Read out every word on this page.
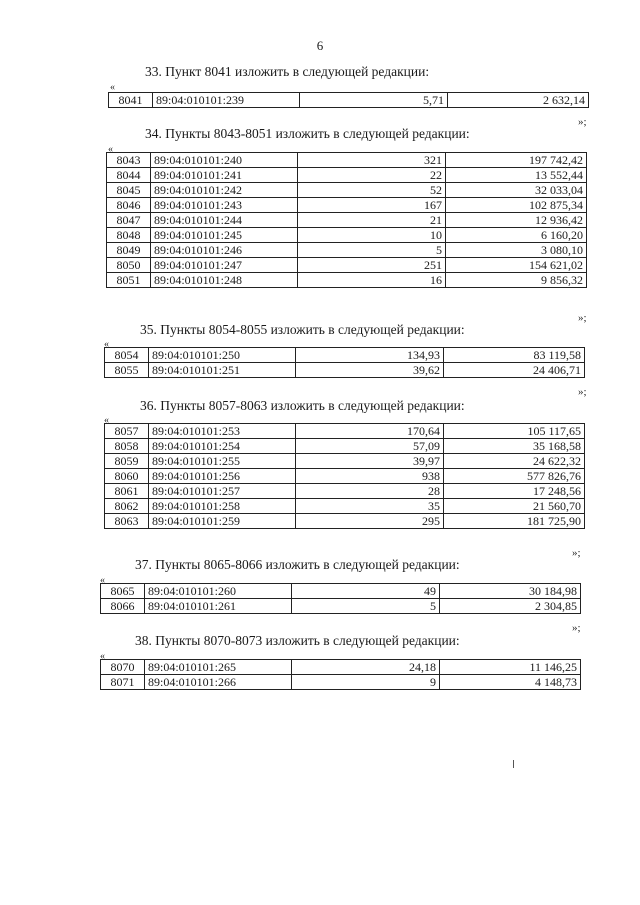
6
33. Пункт 8041 изложить в следующей редакции:
«
8041	89:04:010101:239	5,71	2 632,14
»;
34. Пункты 8043-8051 изложить в следующей редакции:
«
8043	89:04:010101:240	321	197 742,42
8044	89:04:010101:241	22	13 552,44
8045	89:04:010101:242	52	32 033,04
8046	89:04:010101:243	167	102 875,34
8047	89:04:010101:244	21	12 936,42
8048	89:04:010101:245	10	6 160,20
8049	89:04:010101:246	5	3 080,10
8050	89:04:010101:247	251	154 621,02
8051	89:04:010101:248	16	9 856,32
»;
35. Пункты 8054-8055 изложить в следующей редакции:
«
8054	89:04:010101:250	134,93	83 119,58
8055	89:04:010101:251	39,62	24 406,71
»;
36. Пункты 8057-8063 изложить в следующей редакции:
«
8057	89:04:010101:253	170,64	105 117,65
8058	89:04:010101:254	57,09	35 168,58
8059	89:04:010101:255	39,97	24 622,32
8060	89:04:010101:256	938	577 826,76
8061	89:04:010101:257	28	17 248,56
8062	89:04:010101:258	35	21 560,70
8063	89:04:010101:259	295	181 725,90
»;
37. Пункты 8065-8066 изложить в следующей редакции:
«
8065	89:04:010101:260	49	30 184,98
8066	89:04:010101:261	5	2 304,85
»;
38. Пункты 8070-8073 изложить в следующей редакции:
«
8070	89:04:010101:265	24,18	11 146,25
8071	89:04:010101:266	9	4 148,73
